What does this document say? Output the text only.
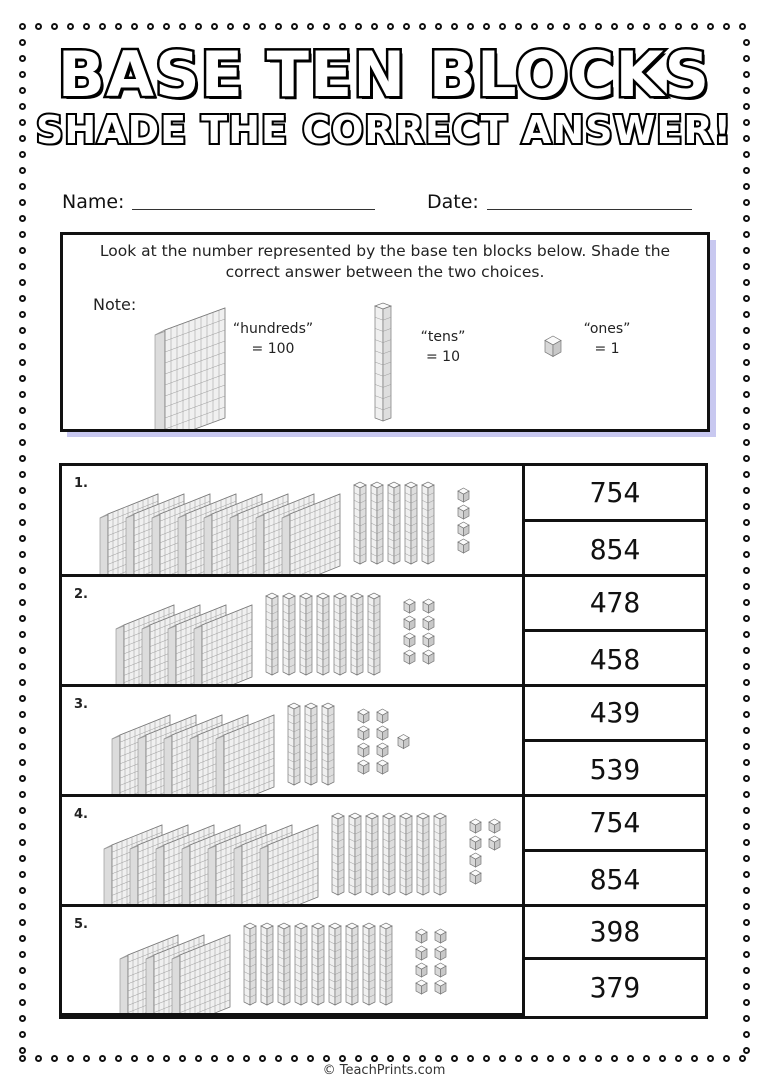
BASE TEN BLOCKS
SHADE THE CORRECT ANSWER!
Name:	Date:
Look at the number represented by the base ten blocks below. Shade the
correct answer between the two choices.
Note:
“hundreds”
= 100
“tens”
= 10
“ones”
= 1
1.	754
854
2.	478
458
3.	439
539
4.	754
854
5.	398
379
© TeachPrints.com
